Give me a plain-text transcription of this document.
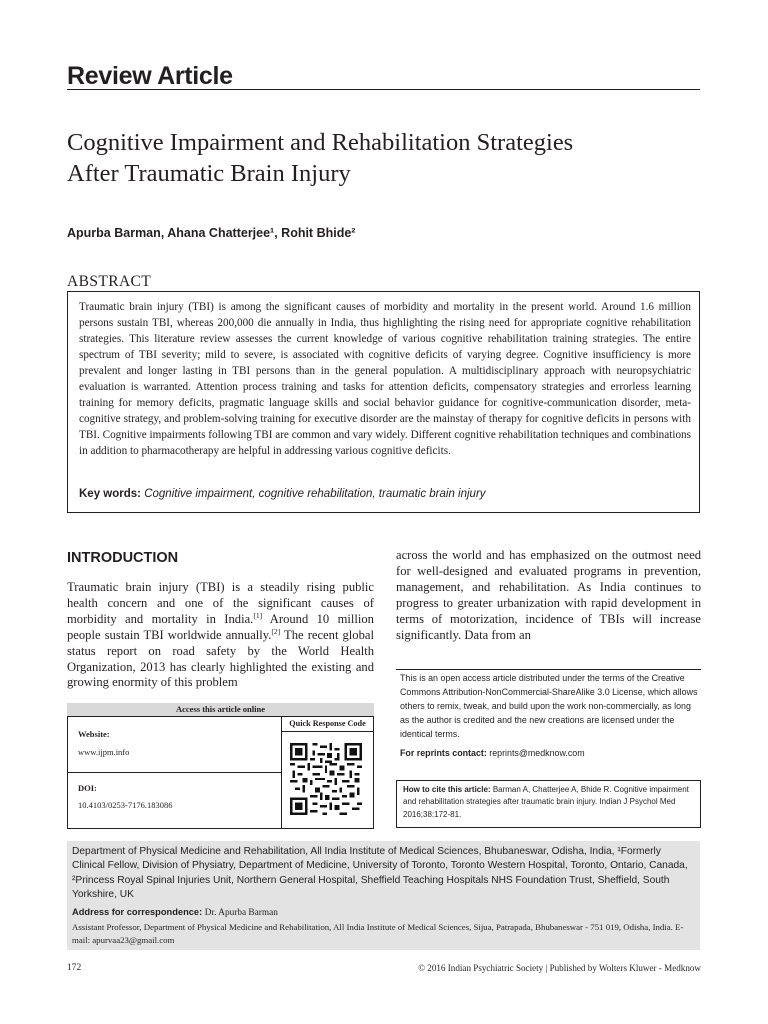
Review Article
Cognitive Impairment and Rehabilitation Strategies
After Traumatic Brain Injury
Apurba Barman, Ahana Chatterjee¹, Rohit Bhide²
ABSTRACT
Traumatic brain injury (TBI) is among the significant causes of morbidity and mortality in the present world. Around 1.6 million persons sustain TBI, whereas 200,000 die annually in India, thus highlighting the rising need for appropriate cognitive rehabilitation strategies. This literature review assesses the current knowledge of various cognitive rehabilitation training strategies. The entire spectrum of TBI severity; mild to severe, is associated with cognitive deficits of varying degree. Cognitive insufficiency is more prevalent and longer lasting in TBI persons than in the general population. A multidisciplinary approach with neuropsychiatric evaluation is warranted. Attention process training and tasks for attention deficits, compensatory strategies and errorless learning training for memory deficits, pragmatic language skills and social behavior guidance for cognitive-communication disorder, meta-cognitive strategy, and problem-solving training for executive disorder are the mainstay of therapy for cognitive deficits in persons with TBI. Cognitive impairments following TBI are common and vary widely. Different cognitive rehabilitation techniques and combinations in addition to pharmacotherapy are helpful in addressing various cognitive deficits.
Key words: Cognitive impairment, cognitive rehabilitation, traumatic brain injury
INTRODUCTION
Traumatic brain injury (TBI) is a steadily rising public health concern and one of the significant causes of morbidity and mortality in India.[1] Around 10 million people sustain TBI worldwide annually.[2] The recent global status report on road safety by the World Health Organization, 2013 has clearly highlighted the existing and growing enormity of this problem
across the world and has emphasized on the outmost need for well-designed and evaluated programs in prevention, management, and rehabilitation. As India continues to progress to greater urbanization with rapid development in terms of motorization, incidence of TBIs will increase significantly. Data from an
Access this article online
Quick Response Code
Website:
www.ijpm.info
DOI:
10.4103/0253-7176.183086
This is an open access article distributed under the terms of the Creative Commons Attribution-NonCommercial-ShareAlike 3.0 License, which allows others to remix, tweak, and build upon the work non-commercially, as long as the author is credited and the new creations are licensed under the identical terms.
For reprints contact: reprints@medknow.com
How to cite this article: Barman A, Chatterjee A, Bhide R. Cognitive impairment and rehabilitation strategies after traumatic brain injury. Indian J Psychol Med 2016;38:172-81.
Department of Physical Medicine and Rehabilitation, All India Institute of Medical Sciences, Bhubaneswar, Odisha, India, ¹Formerly Clinical Fellow, Division of Physiatry, Department of Medicine, University of Toronto, Toronto Western Hospital, Toronto, Ontario, Canada, ²Princess Royal Spinal Injuries Unit, Northern General Hospital, Sheffield Teaching Hospitals NHS Foundation Trust, Sheffield, South Yorkshire, UK
Address for correspondence: Dr. Apurba Barman
Assistant Professor, Department of Physical Medicine and Rehabilitation, All India Institute of Medical Sciences, Sijua, Patrapada, Bhubaneswar - 751 019, Odisha, India. E-mail: apurvaa23@gmail.com
172	© 2016 Indian Psychiatric Society | Published by Wolters Kluwer - Medknow
